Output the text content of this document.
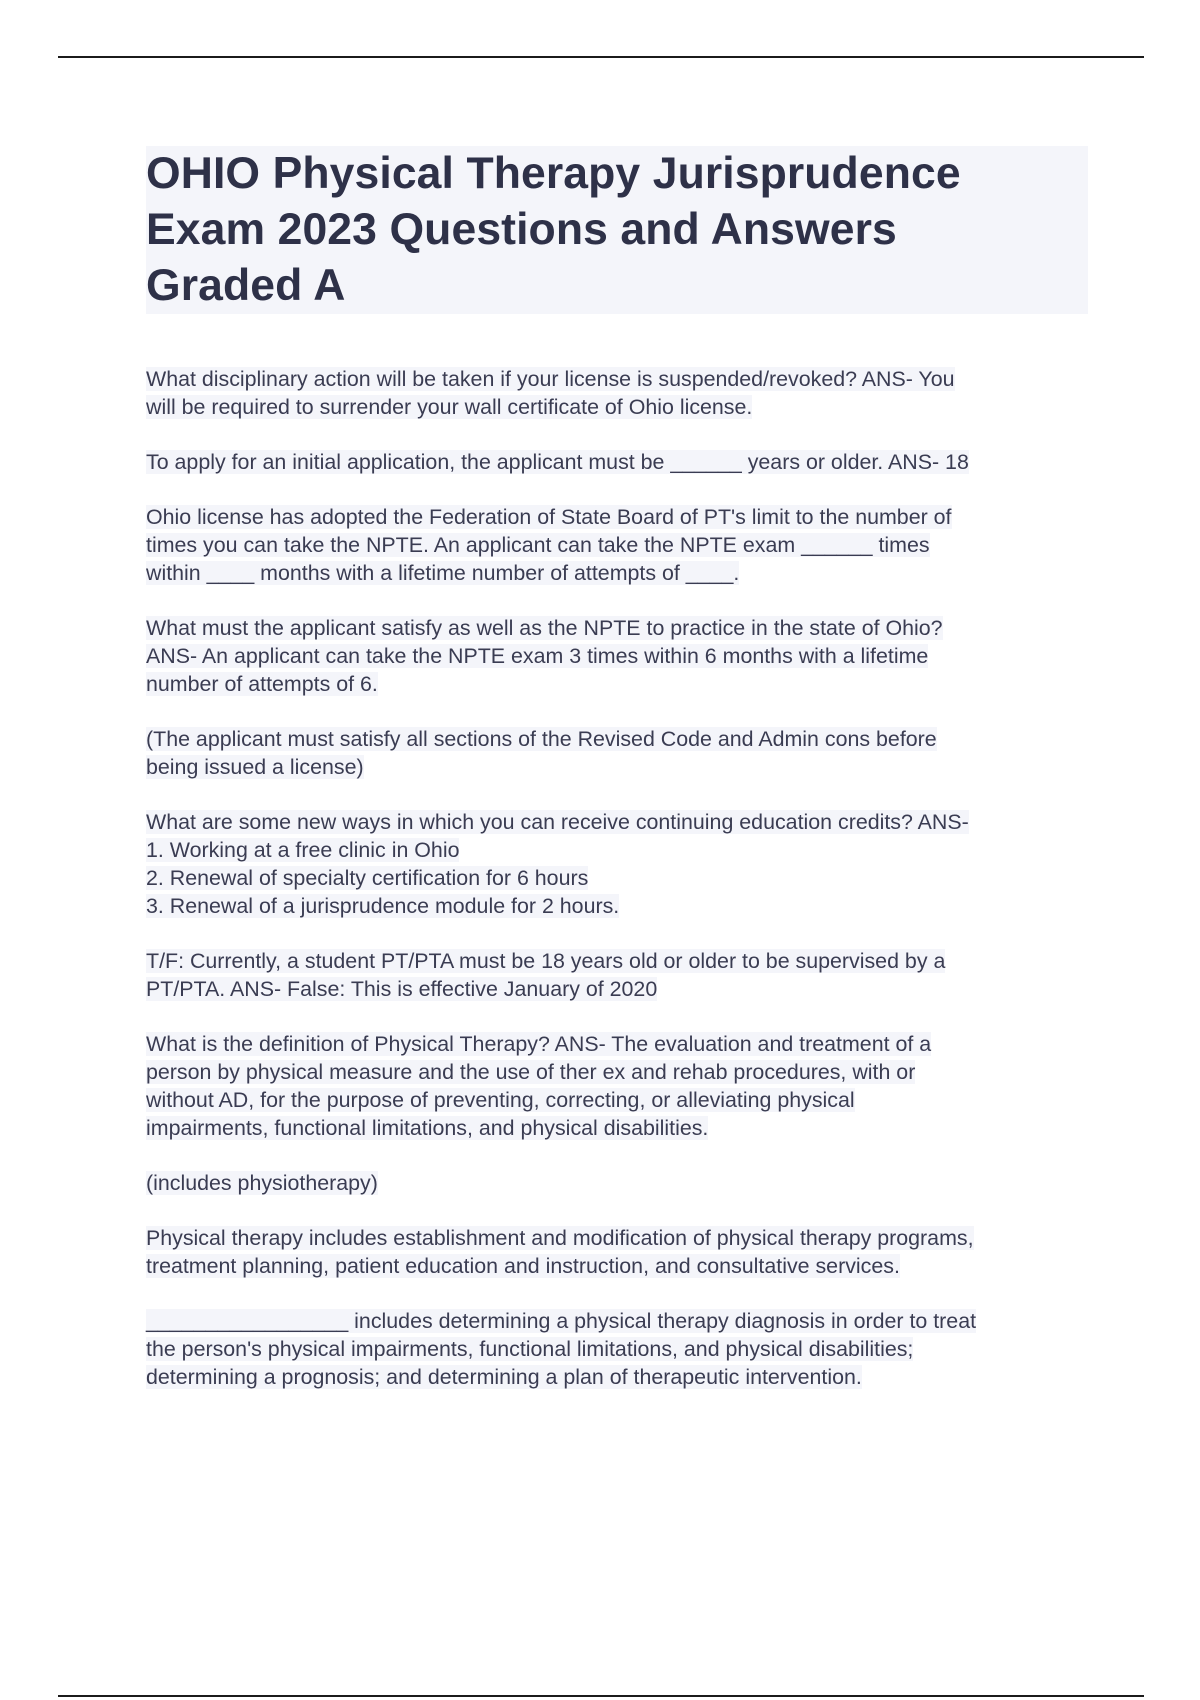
OHIO Physical Therapy Jurisprudence
Exam 2023 Questions and Answers
Graded A

What disciplinary action will be taken if your license is suspended/revoked? ANS- You
will be required to surrender your wall certificate of Ohio license.

To apply for an initial application, the applicant must be ______ years or older. ANS- 18

Ohio license has adopted the Federation of State Board of PT's limit to the number of
times you can take the NPTE. An applicant can take the NPTE exam ______ times
within ____ months with a lifetime number of attempts of ____.

What must the applicant satisfy as well as the NPTE to practice in the state of Ohio?
ANS- An applicant can take the NPTE exam 3 times within 6 months with a lifetime
number of attempts of 6.

(The applicant must satisfy all sections of the Revised Code and Admin cons before
being issued a license)

What are some new ways in which you can receive continuing education credits? ANS-
1. Working at a free clinic in Ohio
2. Renewal of specialty certification for 6 hours
3. Renewal of a jurisprudence module for 2 hours.

T/F: Currently, a student PT/PTA must be 18 years old or older to be supervised by a
PT/PTA. ANS- False: This is effective January of 2020

What is the definition of Physical Therapy? ANS- The evaluation and treatment of a
person by physical measure and the use of ther ex and rehab procedures, with or
without AD, for the purpose of preventing, correcting, or alleviating physical
impairments, functional limitations, and physical disabilities.

(includes physiotherapy)

Physical therapy includes establishment and modification of physical therapy programs,
treatment planning, patient education and instruction, and consultative services.

_________________ includes determining a physical therapy diagnosis in order to treat
the person's physical impairments, functional limitations, and physical disabilities;
determining a prognosis; and determining a plan of therapeutic intervention.
